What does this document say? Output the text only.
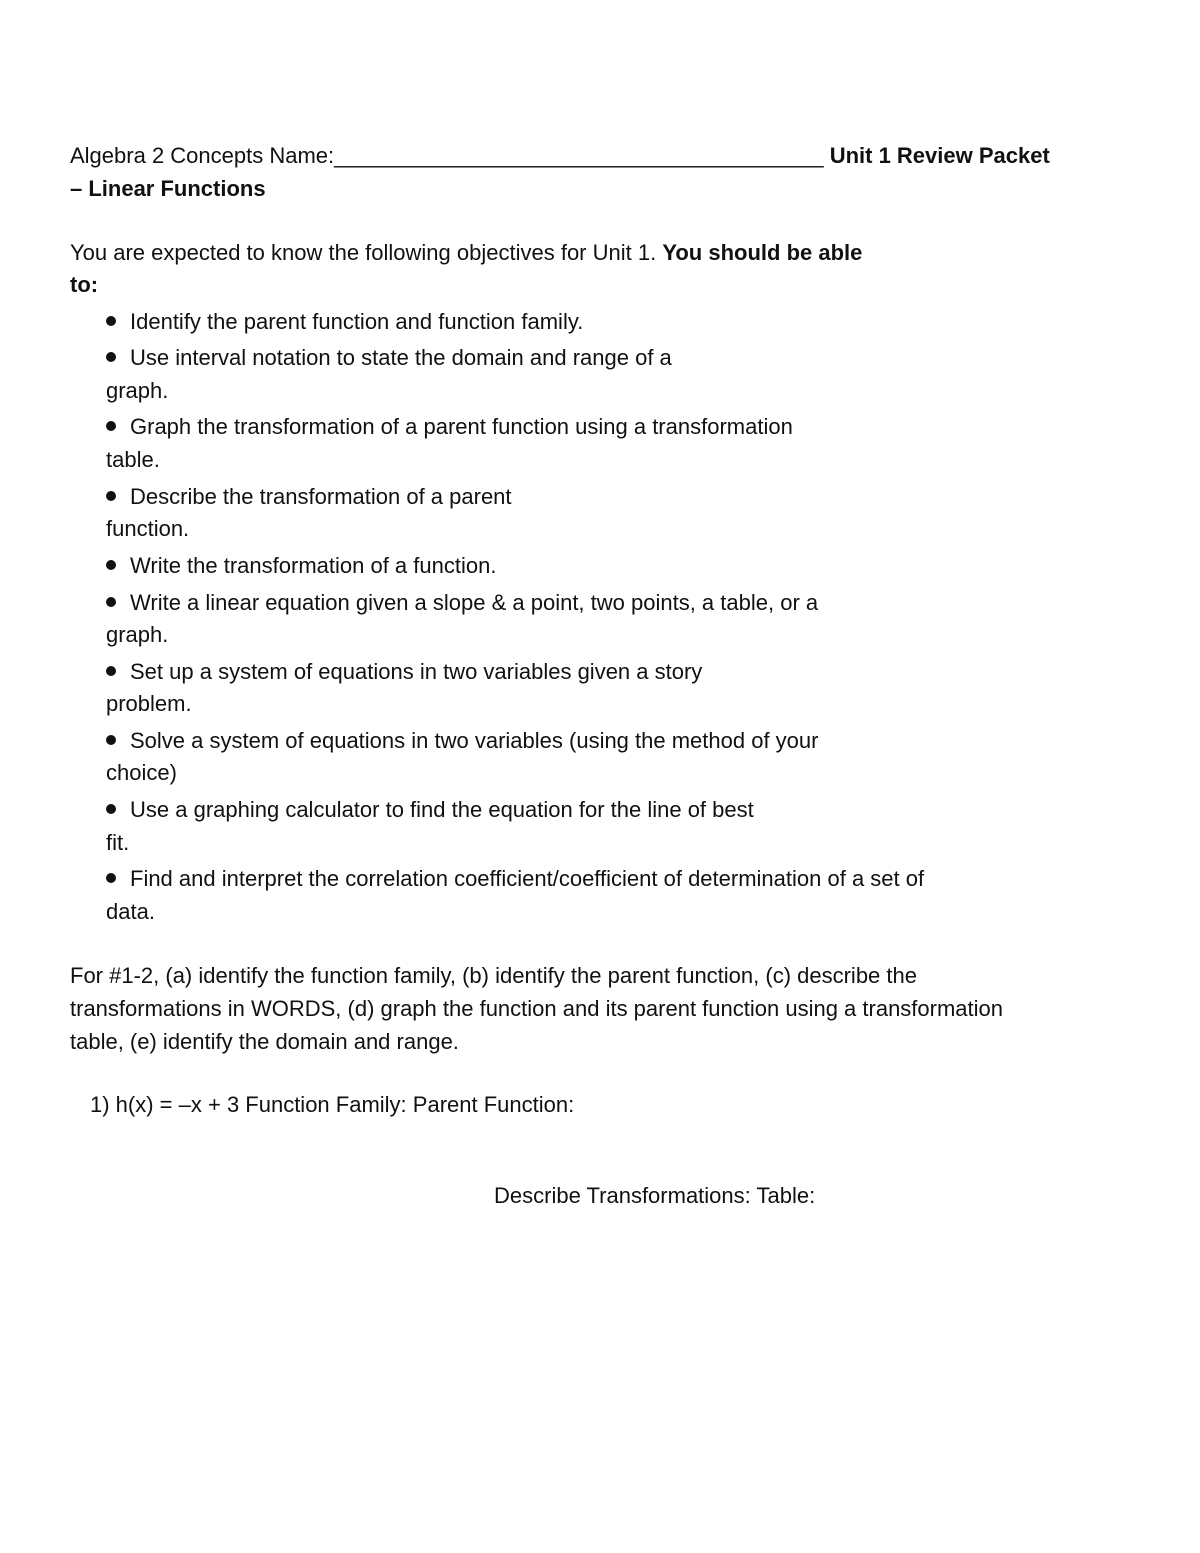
Algebra 2 Concepts Name:________________________________________ Unit 1 Review Packet
– Linear Functions
You are expected to know the following objectives for Unit 1. You should be able
to:
Identify the parent function and function family.
Use interval notation to state the domain and range of a
graph.
Graph the transformation of a parent function using a transformation
table.
Describe the transformation of a parent
function.
Write the transformation of a function.
Write a linear equation given a slope & a point, two points, a table, or a
graph.
Set up a system of equations in two variables given a story
problem.
Solve a system of equations in two variables (using the method of your
choice)
Use a graphing calculator to find the equation for the line of best
fit.
Find and interpret the correlation coefficient/coefficient of determination of a set of
data.
For #1-2, (a) identify the function family, (b) identify the parent function, (c) describe the
transformations in WORDS, (d) graph the function and its parent function using a transformation
table, (e) identify the domain and range.
1) h(x) = –x + 3 Function Family: Parent Function:
Describe Transformations: Table:
